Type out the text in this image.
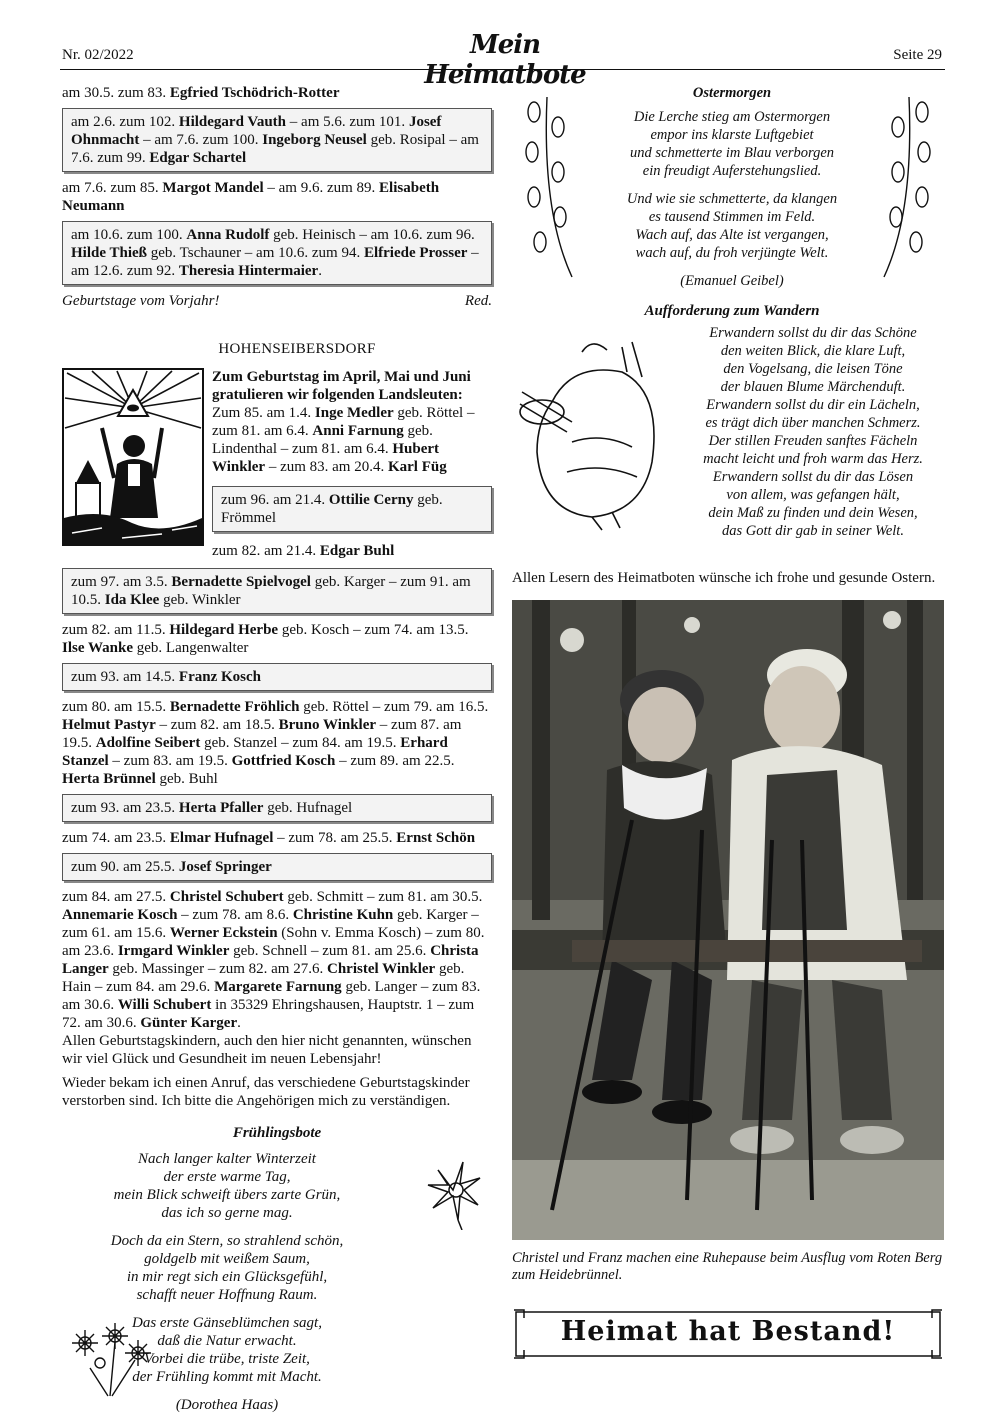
Nr. 02/2022	Mein Heimatbote
Seite 29

am 30.5. zum 83. Egfried Tschödrich-Rotter

am 2.6. zum 102. Hildegard Vauth – am 5.6. zum 101. Josef Ohnmacht – am 7.6. zum 100. Ingeborg Neusel geb. Rosipal – am 7.6. zum 99. Edgar Schartel

am 7.6. zum 85. Margot Mandel – am 9.6. zum 89. Elisabeth Neumann

am 10.6. zum 100. Anna Rudolf geb. Heinisch – am 10.6. zum 96. Hilde Thieß geb. Tschauner – am 10.6. zum 94. Elfriede Prosser – am 12.6. zum 92. Theresia Hintermaier.
Geburtstage vom Vorjahr!	Red.
HOHENSEIBERSDORF
Zum Geburtstag im April, Mai und Juni gratulieren wir folgenden Landsleuten: Zum 85. am 1.4. Inge Medler geb. Röttel – zum 81. am 6.4. Anni Farnung geb. Lindenthal – zum 81. am 6.4. Hubert Winkler – zum 83. am 20.4. Karl Füg
zum 96. am 21.4. Ottilie Cerny geb. Frömmel
zum 82. am 21.4. Edgar Buhl
zum 97. am 3.5. Bernadette Spielvogel geb. Karger – zum 91. am 10.5. Ida Klee geb. Winkler

zum 82. am 11.5. Hildegard Herbe geb. Kosch – zum 74. am 13.5. Ilse Wanke geb. Langenwalter

zum 93. am 14.5. Franz Kosch

zum 80. am 15.5. Bernadette Fröhlich geb. Röttel – zum 79. am 16.5. Helmut Pastyr – zum 82. am 18.5. Bruno Winkler – zum 87. am 19.5. Adolfine Seibert geb. Stanzel – zum 84. am 19.5. Erhard Stanzel – zum 83. am 19.5. Gottfried Kosch – zum 89. am 22.5. Herta Brünnel geb. Buhl

zum 93. am 23.5. Herta Pfaller geb. Hufnagel

zum 74. am 23.5. Elmar Hufnagel – zum 78. am 25.5. Ernst Schön

zum 90. am 25.5. Josef Springer

zum 84. am 27.5. Christel Schubert geb. Schmitt – zum 81. am 30.5. Annemarie Kosch – zum 78. am 8.6. Christine Kuhn geb. Karger – zum 61. am 15.6. Werner Eckstein (Sohn v. Emma Kosch) – zum 80. am 23.6. Irmgard Winkler geb. Schnell – zum 81. am 25.6. Christa Langer geb. Massinger – zum 82. am 27.6. Christel Winkler geb. Hain – zum 84. am 29.6. Margarete Farnung geb. Langer – zum 83. am 30.6. Willi Schubert in 35329 Ehringshausen, Hauptstr. 1 – zum 72. am 30.6. Günter Karger.

Allen Geburtstagskindern, auch den hier nicht genannten, wünschen wir viel Glück und Gesundheit im neuen Lebensjahr!

Wieder bekam ich einen Anruf, das verschiedene Geburtstagskinder verstorben sind. Ich bitte die Angehörigen mich zu verständigen.

Frühlingsbote
Nach langer kalter Winterzeit
der erste warme Tag,
mein Blick schweift übers zarte Grün,
das ich so gerne mag.
Doch da ein Stern, so strahlend schön,
goldgelb mit weißem Saum,
in mir regt sich ein Glücksgefühl,
schafft neuer Hoffnung Raum.
Das erste Gänseblümchen sagt,
daß die Natur erwacht.
Vorbei die trübe, triste Zeit,
der Frühling kommt mit Macht.
(Dorothea Haas)
Ostermorgen
Die Lerche stieg am Ostermorgen
empor ins klarste Luftgebiet
und schmetterte im Blau verborgen
ein freudigt Auferstehungslied.
Und wie sie schmetterte, da klangen
es tausend Stimmen im Feld.
Wach auf, das Alte ist vergangen,
wach auf, du froh verjüngte Welt.
(Emanuel Geibel)
Aufforderung zum Wandern
Erwandern sollst du dir das Schöne
den weiten Blick, die klare Luft,
den Vogelsang, die leisen Töne
der blauen Blume Märchenduft.
Erwandern sollst du dir ein Lächeln,
es trägt dich über manchen Schmerz.
Der stillen Freuden sanftes Fächeln
macht leicht und froh warm das Herz.
Erwandern sollst du dir das Lösen
von allem, was gefangen hält,
dein Maß zu finden und dein Wesen,
das Gott dir gab in seiner Welt.
Allen Lesern des Heimatboten wünsche ich frohe und gesunde Ostern.
Christel und Franz machen eine Ruhepause beim Ausflug vom Roten Berg zum Heidebrünnel.
Heimat hat Bestand!
